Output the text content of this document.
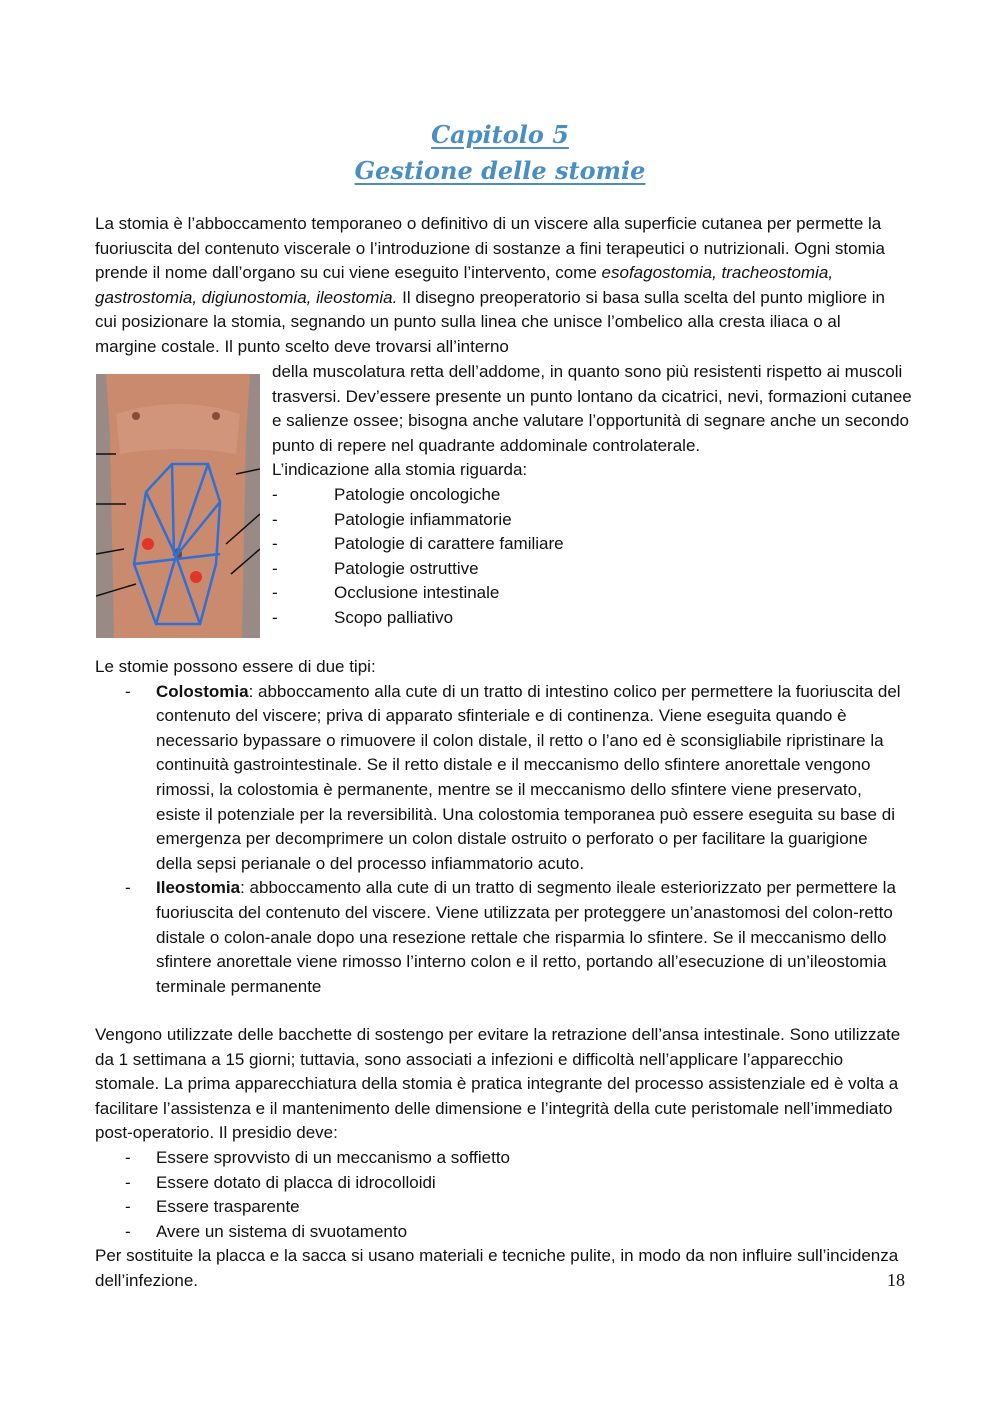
Capitolo 5
Gestione delle stomie

La stomia è l’abboccamento temporaneo o definitivo di un viscere alla superficie cutanea per permette la fuoriuscita del contenuto viscerale o l’introduzione di sostanze a fini terapeutici o nutrizionali. Ogni stomia prende il nome dall’organo su cui viene eseguito l’intervento, come esofagostomia, tracheostomia, gastrostomia, digiunostomia, ileostomia. Il disegno preoperatorio si basa sulla scelta del punto migliore in cui posizionare la stomia, segnando un punto sulla linea che unisce l’ombelico alla cresta iliaca o al margine costale. Il punto scelto deve trovarsi all’interno

della muscolatura retta dell’addome, in quanto sono più resistenti rispetto ai muscoli trasversi. Dev’essere presente un punto lontano da cicatrici, nevi, formazioni cutanee e salienze ossee; bisogna anche valutare l’opportunità di segnare anche un secondo punto di repere nel quadrante addominale controlaterale.

L’indicazione alla stomia riguarda:

- Patologie oncologiche
- Patologie infiammatorie
- Patologie di carattere familiare
- Patologie ostruttive
- Occlusione intestinale
- Scopo palliativo

Le stomie possono essere di due tipi:

- Colostomia: abboccamento alla cute di un tratto di intestino colico per permettere la fuoriuscita del contenuto del viscere; priva di apparato sfinteriale e di continenza. Viene eseguita quando è necessario bypassare o rimuovere il colon distale, il retto o l’ano ed è sconsigliabile ripristinare la continuità gastrointestinale. Se il retto distale e il meccanismo dello sfintere anorettale vengono rimossi, la colostomia è permanente, mentre se il meccanismo dello sfintere viene preservato, esiste il potenziale per la reversibilità. Una colostomia temporanea può essere eseguita su base di emergenza per decomprimere un colon distale ostruito o perforato o per facilitare la guarigione della sepsi perianale o del processo infiammatorio acuto.
- Ileostomia: abboccamento alla cute di un tratto di segmento ileale esteriorizzato per permettere la fuoriuscita del contenuto del viscere. Viene utilizzata per proteggere un’anastomosi del colon-retto distale o colon-anale dopo una resezione rettale che risparmia lo sfintere. Se il meccanismo dello sfintere anorettale viene rimosso l’interno colon e il retto, portando all’esecuzione di un’ileostomia terminale permanente

Vengono utilizzate delle bacchette di sostengo per evitare la retrazione dell’ansa intestinale. Sono utilizzate da 1 settimana a 15 giorni; tuttavia, sono associati a infezioni e difficoltà nell’applicare l’apparecchio stomale. La prima apparecchiatura della stomia è pratica integrante del processo assistenziale ed è volta a facilitare l’assistenza e il mantenimento delle dimensione e l’integrità della cute peristomale nell’immediato post-operatorio. Il presidio deve:

- Essere sprovvisto di un meccanismo a soffietto
- Essere dotato di placca di idrocolloidi
- Essere trasparente
- Avere un sistema di svuotamento

Per sostituite la placca e la sacca si usano materiali e tecniche pulite, in modo da non influire sull’incidenza dell’infezione.	18
